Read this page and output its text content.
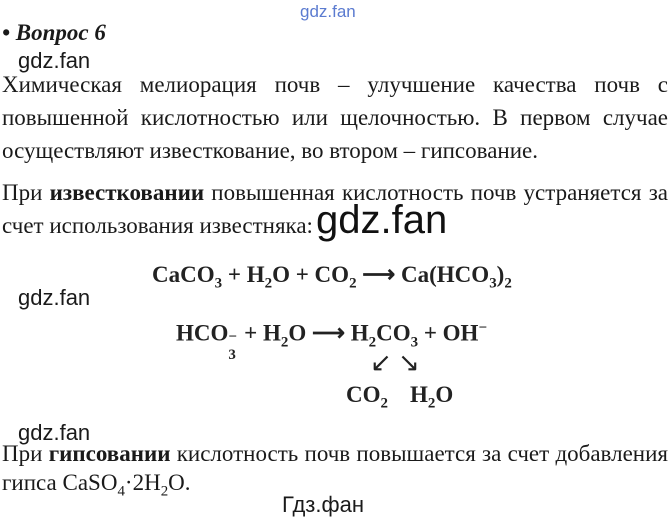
gdz.fan
• Вопрос 6
gdz.fan
Химическая мелиорация почв – улучшение качества почв с
повышенной кислотностью или щелочностью. В первом случае
осуществляют известкование, во втором – гипсование.
При известковании повышенная кислотность почв устраняется за
счет использования известняка: gdz.fan
CaCO$_3$ + $H_2O + CO_2$ ⟶ $Ca(HCO_3)_2$
gdz.fan
HCO −
3
+ $H_2O$ ⟶ $H_2CO_3 + OH^-$
↙ ↘
$CO_2$ $H_2O$
gdz.fan
При гипсовании кислотность почв повышается за счет добавления
гипса $CaSO_4\cdot 2H_2O$.
Гдз.фан
